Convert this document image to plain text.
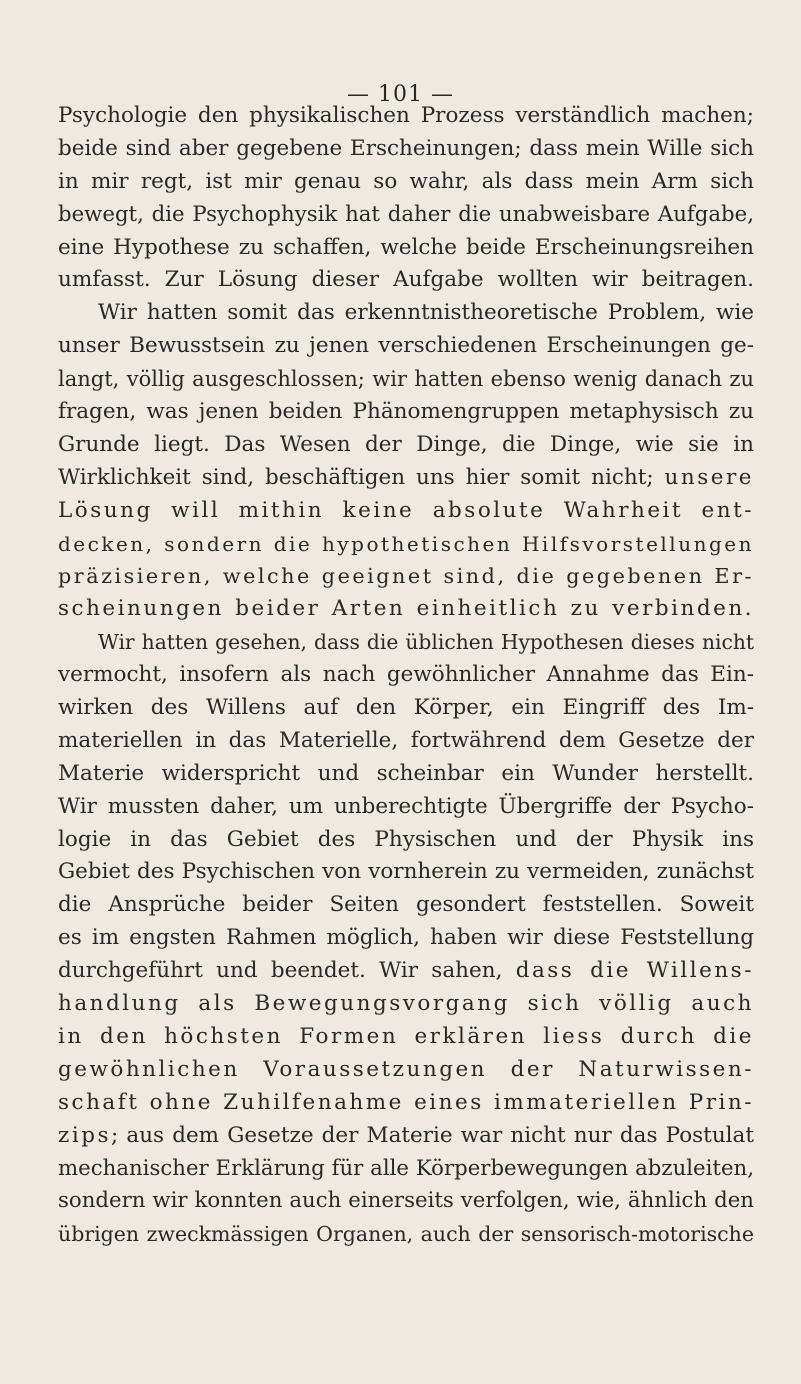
— 101 —
Psychologie den physikalischen Prozess verständlich machen;
beide sind aber gegebene Erscheinungen; dass mein Wille sich
in mir regt, ist mir genau so wahr, als dass mein Arm sich
bewegt, die Psychophysik hat daher die unabweisbare Aufgabe,
eine Hypothese zu schaffen, welche beide Erscheinungsreihen
umfasst. Zur Lösung dieser Aufgabe wollten wir beitragen.
Wir hatten somit das erkenntnistheoretische Problem, wie
unser Bewusstsein zu jenen verschiedenen Erscheinungen ge-
langt, völlig ausgeschlossen; wir hatten ebenso wenig danach zu
fragen, was jenen beiden Phänomengruppen metaphysisch zu
Grunde liegt. Das Wesen der Dinge, die Dinge, wie sie in
Wirklichkeit sind, beschäftigen uns hier somit nicht; unsere
Lösung will mithin keine absolute Wahrheit ent-
decken, sondern die hypothetischen Hilfsvorstellungen
präzisieren, welche geeignet sind, die gegebenen Er-
scheinungen beider Arten einheitlich zu verbinden.
Wir hatten gesehen, dass die üblichen Hypothesen dieses nicht
vermocht, insofern als nach gewöhnlicher Annahme das Ein-
wirken des Willens auf den Körper, ein Eingriff des Im-
materiellen in das Materielle, fortwährend dem Gesetze der
Materie widerspricht und scheinbar ein Wunder herstellt.
Wir mussten daher, um unberechtigte Übergriffe der Psycho-
logie in das Gebiet des Physischen und der Physik ins
Gebiet des Psychischen von vornherein zu vermeiden, zunächst
die Ansprüche beider Seiten gesondert feststellen. Soweit
es im engsten Rahmen möglich, haben wir diese Feststellung
durchgeführt und beendet. Wir sahen, dass die Willens-
handlung als Bewegungsvorgang sich völlig auch
in den höchsten Formen erklären liess durch die
gewöhnlichen Voraussetzungen der Naturwissen-
schaft ohne Zuhilfenahme eines immateriellen Prin-
zips; aus dem Gesetze der Materie war nicht nur das Postulat
mechanischer Erklärung für alle Körperbewegungen abzuleiten,
sondern wir konnten auch einerseits verfolgen, wie, ähnlich den
übrigen zweckmässigen Organen, auch der sensorisch-motorische
